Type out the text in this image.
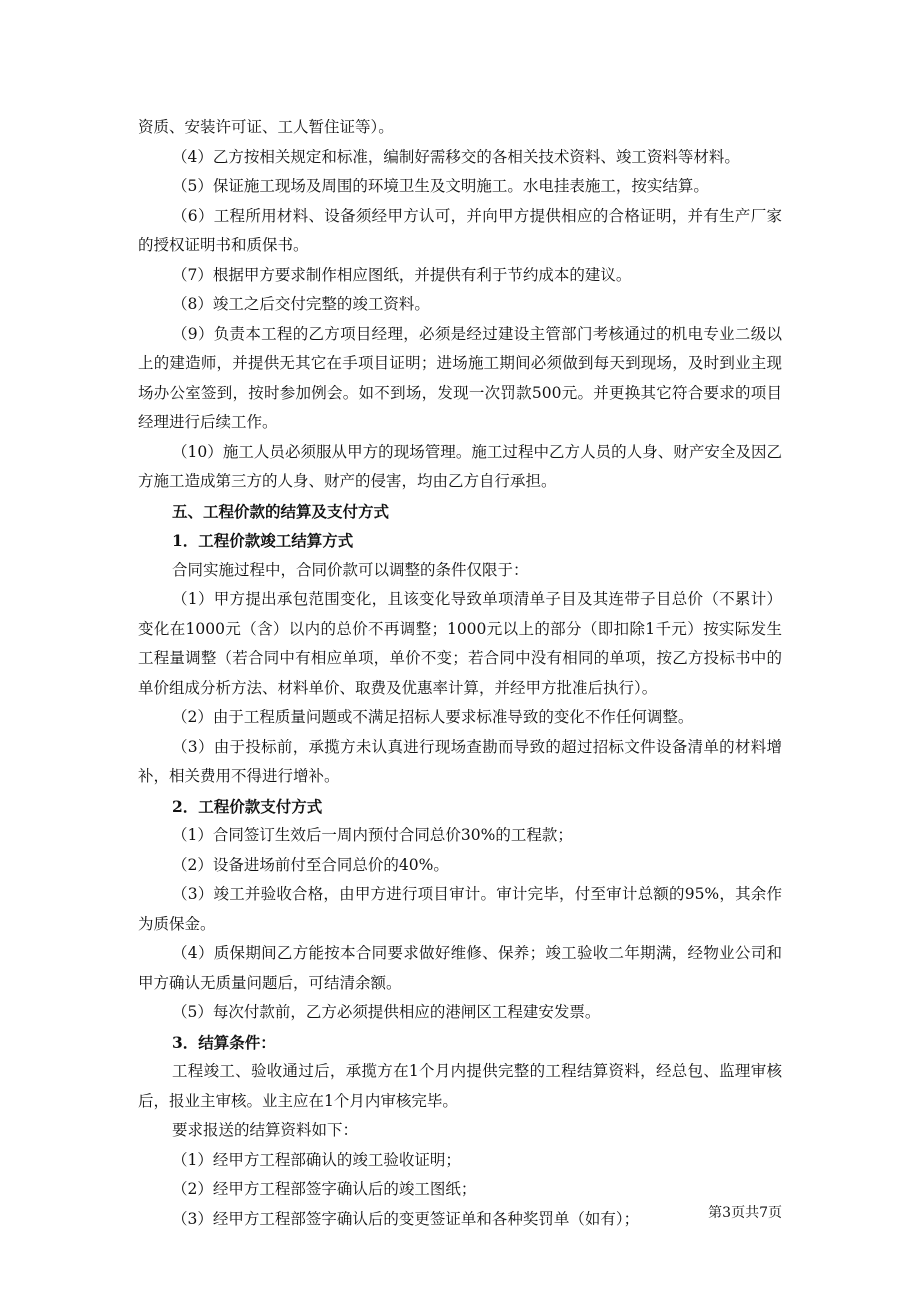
资质、安装许可证、工人暂住证等）。

（4）乙方按相关规定和标准，编制好需移交的各相关技术资料、竣工资料等材料。

（5）保证施工现场及周围的环境卫生及文明施工。水电挂表施工，按实结算。

（6）工程所用材料、设备须经甲方认可，并向甲方提供相应的合格证明，并有生产厂家的授权证明书和质保书。

（7）根据甲方要求制作相应图纸，并提供有利于节约成本的建议。

（8）竣工之后交付完整的竣工资料。

（9）负责本工程的乙方项目经理，必须是经过建设主管部门考核通过的机电专业二级以上的建造师，并提供无其它在手项目证明；进场施工期间必须做到每天到现场，及时到业主现场办公室签到，按时参加例会。如不到场，发现一次罚款500元。并更换其它符合要求的项目经理进行后续工作。

（10）施工人员必须服从甲方的现场管理。施工过程中乙方人员的人身、财产安全及因乙方施工造成第三方的人身、财产的侵害，均由乙方自行承担。

五、工程价款的结算及支付方式

1．工程价款竣工结算方式

合同实施过程中，合同价款可以调整的条件仅限于：

（1）甲方提出承包范围变化，且该变化导致单项清单子目及其连带子目总价（不累计）变化在1000元（含）以内的总价不再调整；1000元以上的部分（即扣除1千元）按实际发生工程量调整（若合同中有相应单项，单价不变；若合同中没有相同的单项，按乙方投标书中的单价组成分析方法、材料单价、取费及优惠率计算，并经甲方批准后执行）。

（2）由于工程质量问题或不满足招标人要求标准导致的变化不作任何调整。

（3）由于投标前，承揽方未认真进行现场查勘而导致的超过招标文件设备清单的材料增补，相关费用不得进行增补。

2．工程价款支付方式

（1）合同签订生效后一周内预付合同总价30%的工程款；

（2）设备进场前付至合同总价的40%。

（3）竣工并验收合格，由甲方进行项目审计。审计完毕，付至审计总额的95%，其余作为质保金。

（4）质保期间乙方能按本合同要求做好维修、保养；竣工验收二年期满，经物业公司和甲方确认无质量问题后，可结清余额。

（5）每次付款前，乙方必须提供相应的港闸区工程建安发票。

3．结算条件：

工程竣工、验收通过后，承揽方在1个月内提供完整的工程结算资料，经总包、监理审核后，报业主审核。业主应在1个月内审核完毕。

要求报送的结算资料如下：

（1）经甲方工程部确认的竣工验收证明；

（2）经甲方工程部签字确认后的竣工图纸；

（3）经甲方工程部签字确认后的变更签证单和各种奖罚单（如有）；	第3页共7页
